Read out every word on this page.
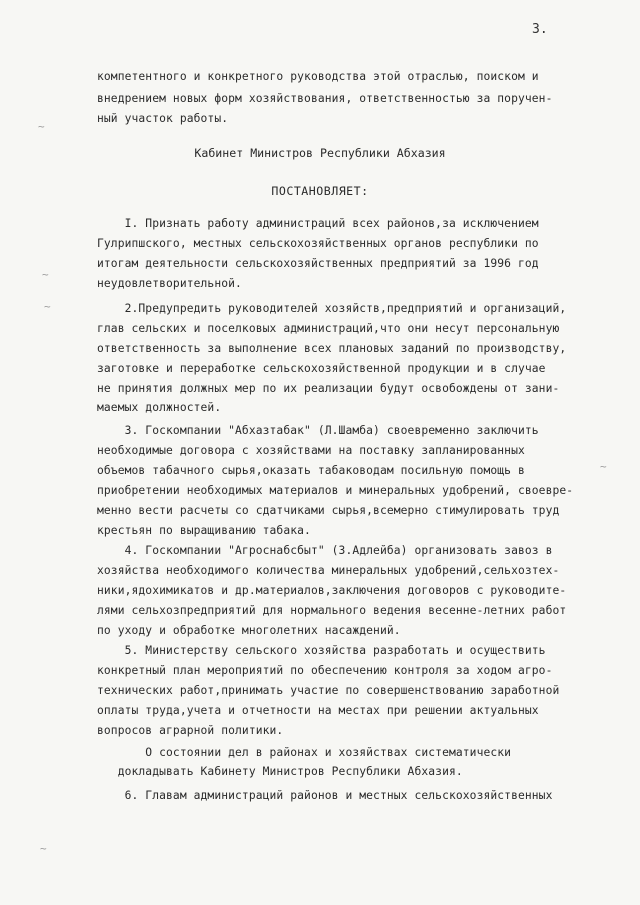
3.
компетентного и конкретного руководства этой отраслью, поиском и
внедрением новых форм хозяйствования, ответственностью за поручен-
ный участок работы.
Кабинет Министров Республики Абхазия
ПОСТАНОВЛЯЕТ:
I. Признать работу администраций всех районов,за исключением
Гулрипшского, местных сельскохозяйственных органов республики по
итогам деятельности сельскохозяйственных предприятий за 1996 год
неудовлетворительной.
2.Предупредить руководителей хозяйств,предприятий и организаций,
глав сельских и поселковых администраций,что они несут персональную
ответственность за выполнение всех плановых заданий по производству,
заготовке и переработке сельскохозяйственной продукции и в случае
не принятия должных мер по их реализации будут освобождены от зани-
маемых должностей.
3. Госкомпании "Абхазтабак" (Л.Шамба) своевременно заключить
необходимые договора с хозяйствами на поставку запланированных
объемов табачного сырья,оказать табаководам посильную помощь в
приобретении необходимых материалов и минеральных удобрений, своевре-
менно вести расчеты со сдатчиками сырья,всемерно стимулировать труд
крестьян по выращиванию табака.
4. Госкомпании "Агроснабсбыт" (З.Адлейба) организовать завоз в
хозяйства необходимого количества минеральных удобрений,сельхозтех-
ники,ядохимикатов и др.материалов,заключения договоров с руководите-
лями сельхозпредприятий для нормального ведения весенне-летних работ
по уходу и обработке многолетних насаждений.
5. Министерству сельского хозяйства разработать и осуществить
конкретный план мероприятий по обеспечению контроля за ходом агро-
технических работ,принимать участие по совершенствованию заработной
оплаты труда,учета и отчетности на местах при решении актуальных
вопросов аграрной политики.
О состоянии дел в районах и хозяйствах систематически
докладывать Кабинету Министров Республики Абхазия.
6. Главам администраций районов и местных сельскохозяйственных
~
~
~
~
~
